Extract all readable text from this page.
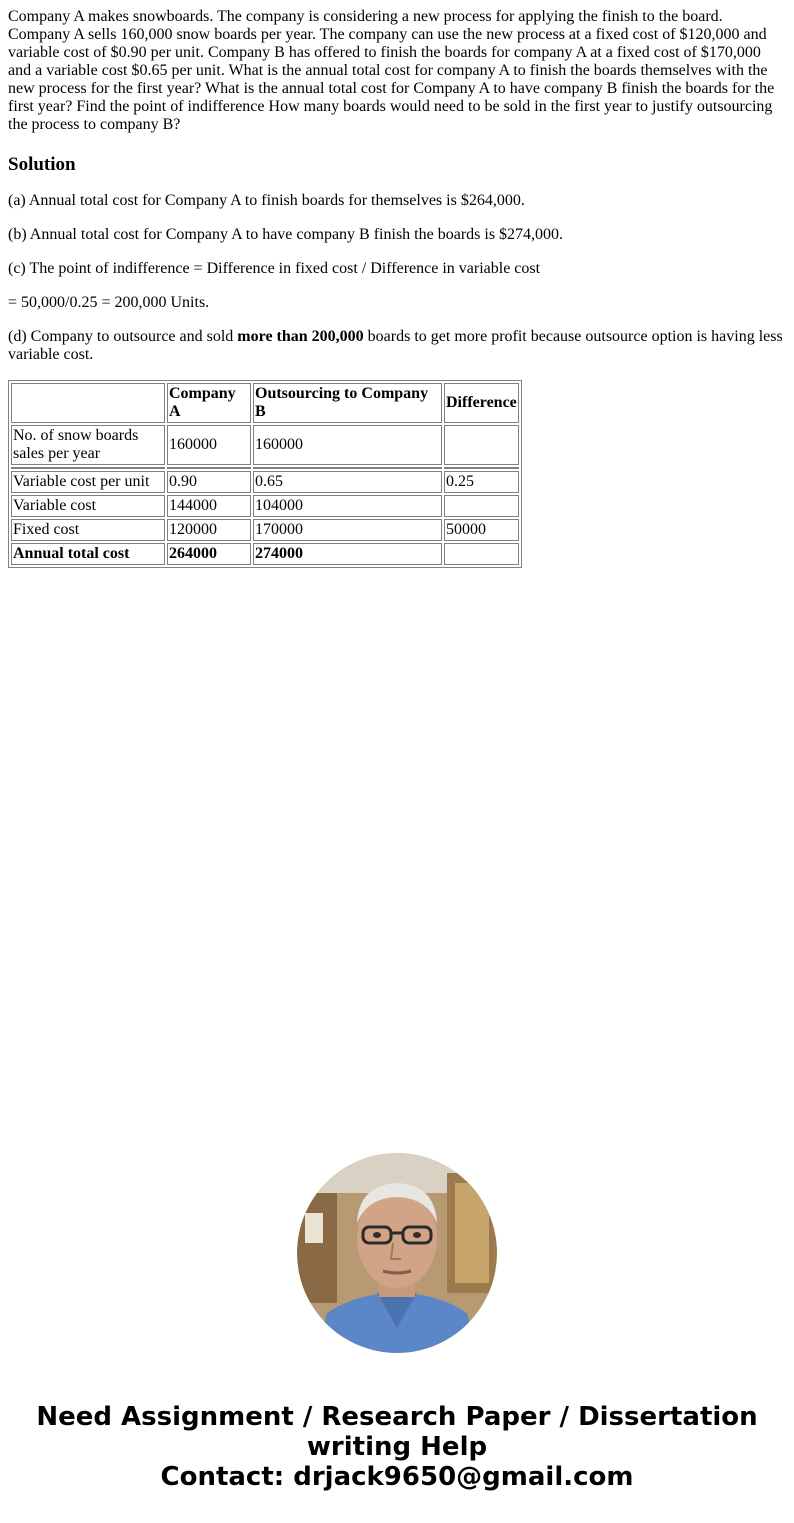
Company A makes snowboards. The company is considering a new process for applying the finish to the board. Company A sells 160,000 snow boards per year. The company can use the new process at a fixed cost of $120,000 and variable cost of $0.90 per unit. Company B has offered to finish the boards for company A at a fixed cost of $170,000 and a variable cost $0.65 per unit. What is the annual total cost for company A to finish the boards themselves with the new process for the first year? What is the annual total cost for Company A to have company B finish the boards for the first year? Find the point of indifference How many boards would need to be sold in the first year to justify outsourcing the process to company B?

Solution

(a) Annual total cost for Company A to finish boards for themselves is $264,000.

(b) Annual total cost for Company A to have company B finish the boards is $274,000.

(c) The point of indifference = Difference in fixed cost / Difference in variable cost

= 50,000/0.25 = 200,000 Units.

(d) Company to outsource and sold more than 200,000 boards to get more profit because outsource option is having less variable cost.

	Company A	Outsourcing to Company B	Difference
No. of snow boards sales per year	160000	160000	

Variable cost per unit	0.90	0.65	0.25
Variable cost	144000	104000	
Fixed cost	120000	170000	50000
Annual total cost	264000	274000	
Need Assignment / Research Paper / Dissertation
writing Help
Contact: drjack9650@gmail.com
